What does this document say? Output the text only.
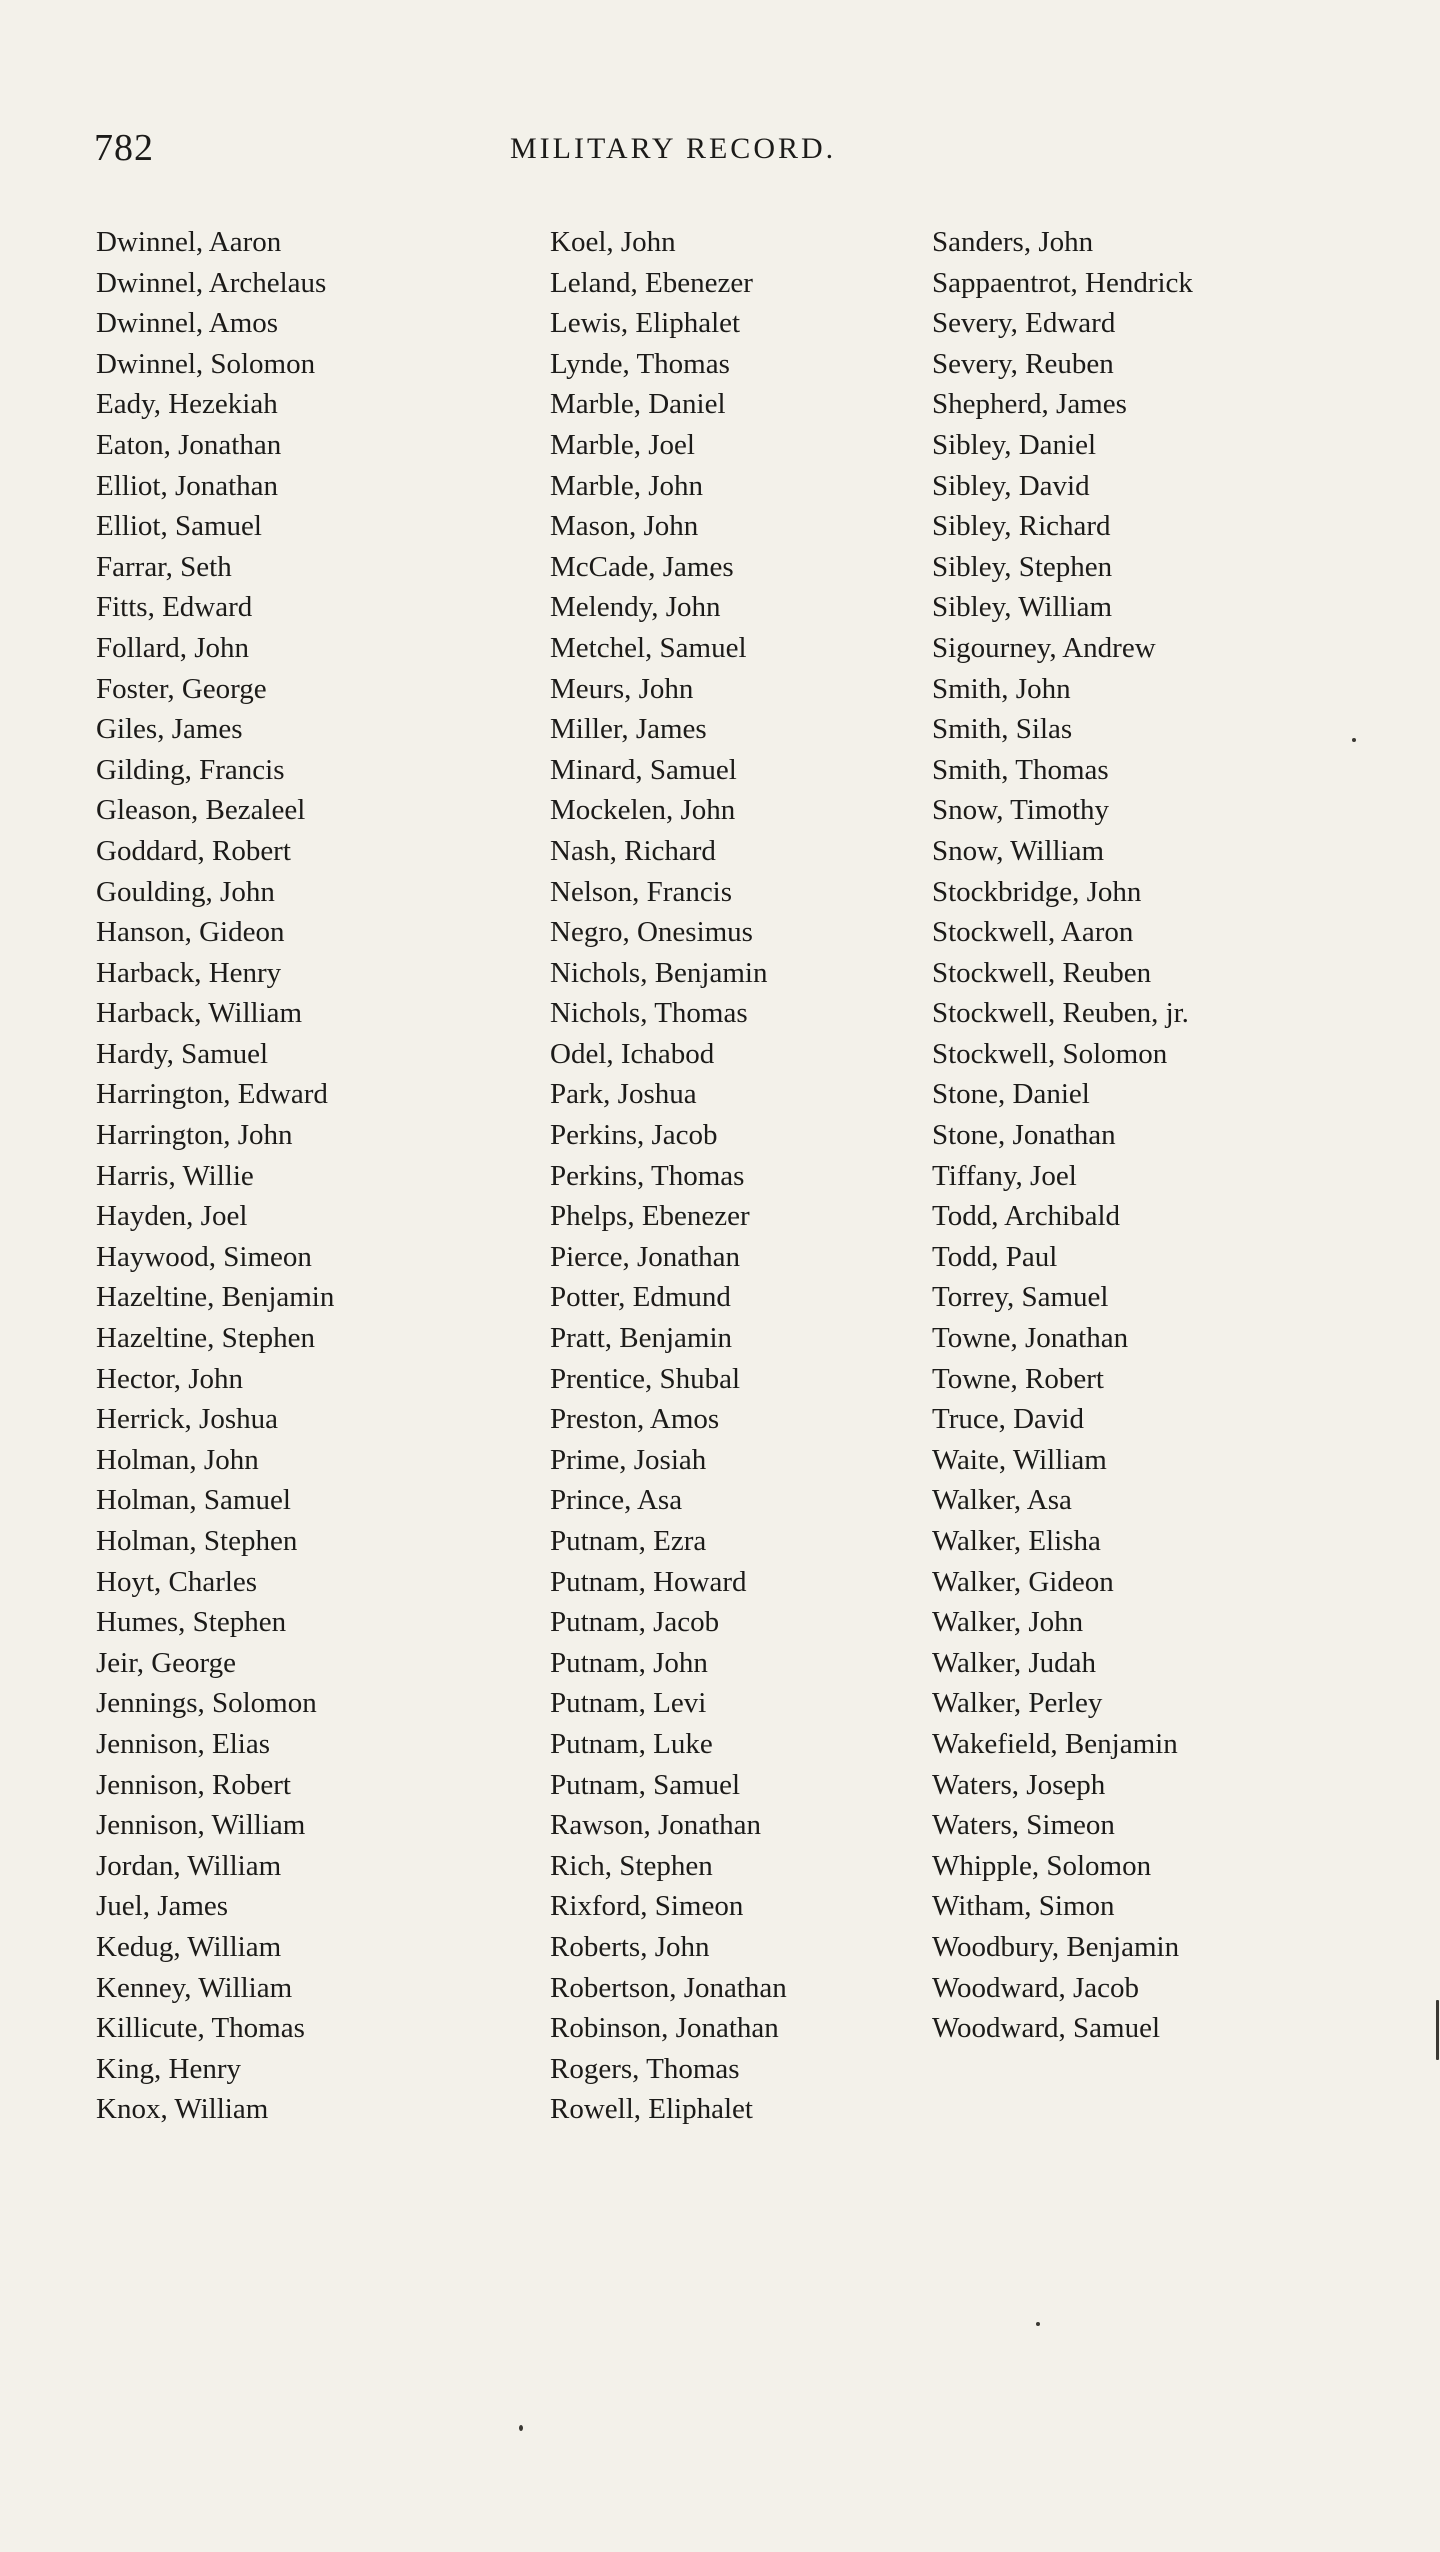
782	MILITARY RECORD.
Dwinnel, Aaron
Dwinnel, Archelaus
Dwinnel, Amos
Dwinnel, Solomon
Eady, Hezekiah
Eaton, Jonathan
Elliot, Jonathan
Elliot, Samuel
Farrar, Seth
Fitts, Edward
Follard, John
Foster, George
Giles, James
Gilding, Francis
Gleason, Bezaleel
Goddard, Robert
Goulding, John
Hanson, Gideon
Harback, Henry
Harback, William
Hardy, Samuel
Harrington, Edward
Harrington, John
Harris, Willie
Hayden, Joel
Haywood, Simeon
Hazeltine, Benjamin
Hazeltine, Stephen
Hector, John
Herrick, Joshua
Holman, John
Holman, Samuel
Holman, Stephen
Hoyt, Charles
Humes, Stephen
Jeir, George
Jennings, Solomon
Jennison, Elias
Jennison, Robert
Jennison, William
Jordan, William
Juel, James
Kedug, William
Kenney, William
Killicute, Thomas
King, Henry
Knox, William
Koel, John
Leland, Ebenezer
Lewis, Eliphalet
Lynde, Thomas
Marble, Daniel
Marble, Joel
Marble, John
Mason, John
McCade, James
Melendy, John
Metchel, Samuel
Meurs, John
Miller, James
Minard, Samuel
Mockelen, John
Nash, Richard
Nelson, Francis
Negro, Onesimus
Nichols, Benjamin
Nichols, Thomas
Odel, Ichabod
Park, Joshua
Perkins, Jacob
Perkins, Thomas
Phelps, Ebenezer
Pierce, Jonathan
Potter, Edmund
Pratt, Benjamin
Prentice, Shubal
Preston, Amos
Prime, Josiah
Prince, Asa
Putnam, Ezra
Putnam, Howard
Putnam, Jacob
Putnam, John
Putnam, Levi
Putnam, Luke
Putnam, Samuel
Rawson, Jonathan
Rich, Stephen
Rixford, Simeon
Roberts, John
Robertson, Jonathan
Robinson, Jonathan
Rogers, Thomas
Rowell, Eliphalet
Sanders, John
Sappaentrot, Hendrick
Severy, Edward
Severy, Reuben
Shepherd, James
Sibley, Daniel
Sibley, David
Sibley, Richard
Sibley, Stephen
Sibley, William
Sigourney, Andrew
Smith, John
Smith, Silas
Smith, Thomas
Snow, Timothy
Snow, William
Stockbridge, John
Stockwell, Aaron
Stockwell, Reuben
Stockwell, Reuben, jr.
Stockwell, Solomon
Stone, Daniel
Stone, Jonathan
Tiffany, Joel
Todd, Archibald
Todd, Paul
Torrey, Samuel
Towne, Jonathan
Towne, Robert
Truce, David
Waite, William
Walker, Asa
Walker, Elisha
Walker, Gideon
Walker, John
Walker, Judah
Walker, Perley
Wakefield, Benjamin
Waters, Joseph
Waters, Simeon
Whipple, Solomon
Witham, Simon
Woodbury, Benjamin
Woodward, Jacob
Woodward, Samuel
